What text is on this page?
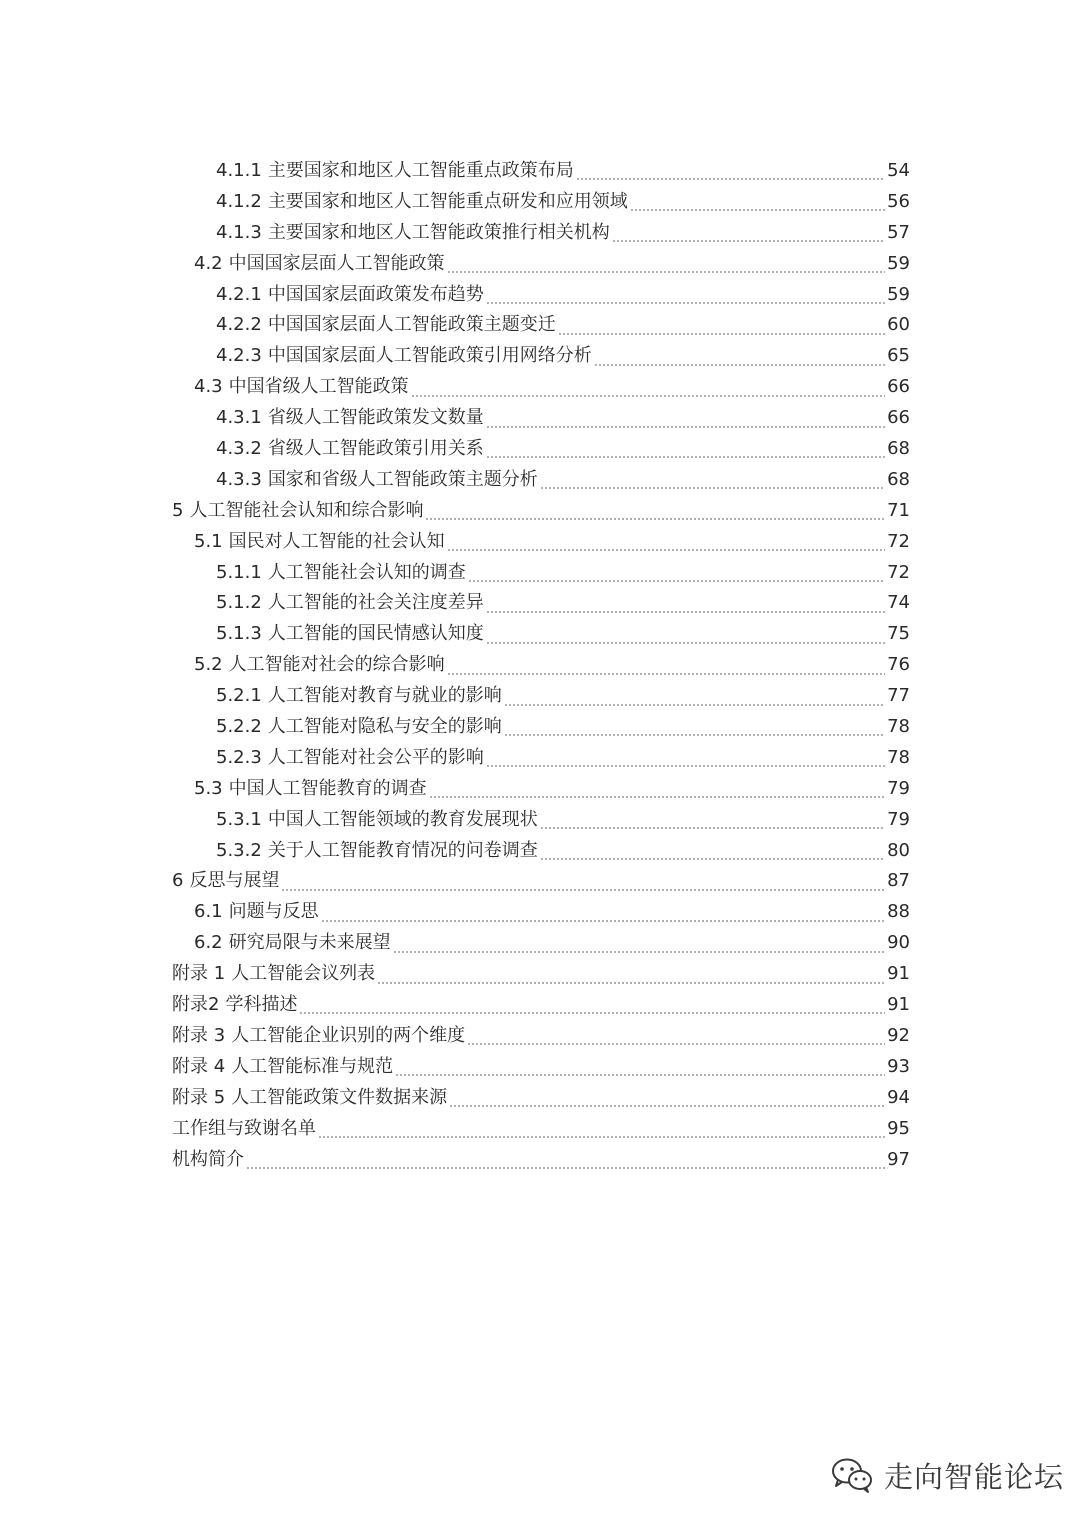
4.1.1 主要国家和地区人工智能重点政策布局	54
4.1.2 主要国家和地区人工智能重点研发和应用领域	56
4.1.3 主要国家和地区人工智能政策推行相关机构	57
4.2 中国国家层面人工智能政策	59
4.2.1 中国国家层面政策发布趋势	59
4.2.2 中国国家层面人工智能政策主题变迁	60
4.2.3 中国国家层面人工智能政策引用网络分析	65
4.3 中国省级人工智能政策	66
4.3.1 省级人工智能政策发文数量	66
4.3.2 省级人工智能政策引用关系	68
4.3.3 国家和省级人工智能政策主题分析	68
5 人工智能社会认知和综合影响	71
5.1 国民对人工智能的社会认知	72
5.1.1 人工智能社会认知的调查	72
5.1.2 人工智能的社会关注度差异	74
5.1.3 人工智能的国民情感认知度	75
5.2 人工智能对社会的综合影响	76
5.2.1 人工智能对教育与就业的影响	77
5.2.2 人工智能对隐私与安全的影响	78
5.2.3 人工智能对社会公平的影响	78
5.3 中国人工智能教育的调查	79
5.3.1 中国人工智能领域的教育发展现状	79
5.3.2 关于人工智能教育情况的问卷调查	80
6 反思与展望	87
6.1 问题与反思	88
6.2 研究局限与未来展望	90
附录 1 人工智能会议列表	91
附录2 学科描述	91
附录 3 人工智能企业识别的两个维度	92
附录 4 人工智能标准与规范	93
附录 5 人工智能政策文件数据来源	94
工作组与致谢名单	95
机构简介	97
走向智能论坛
